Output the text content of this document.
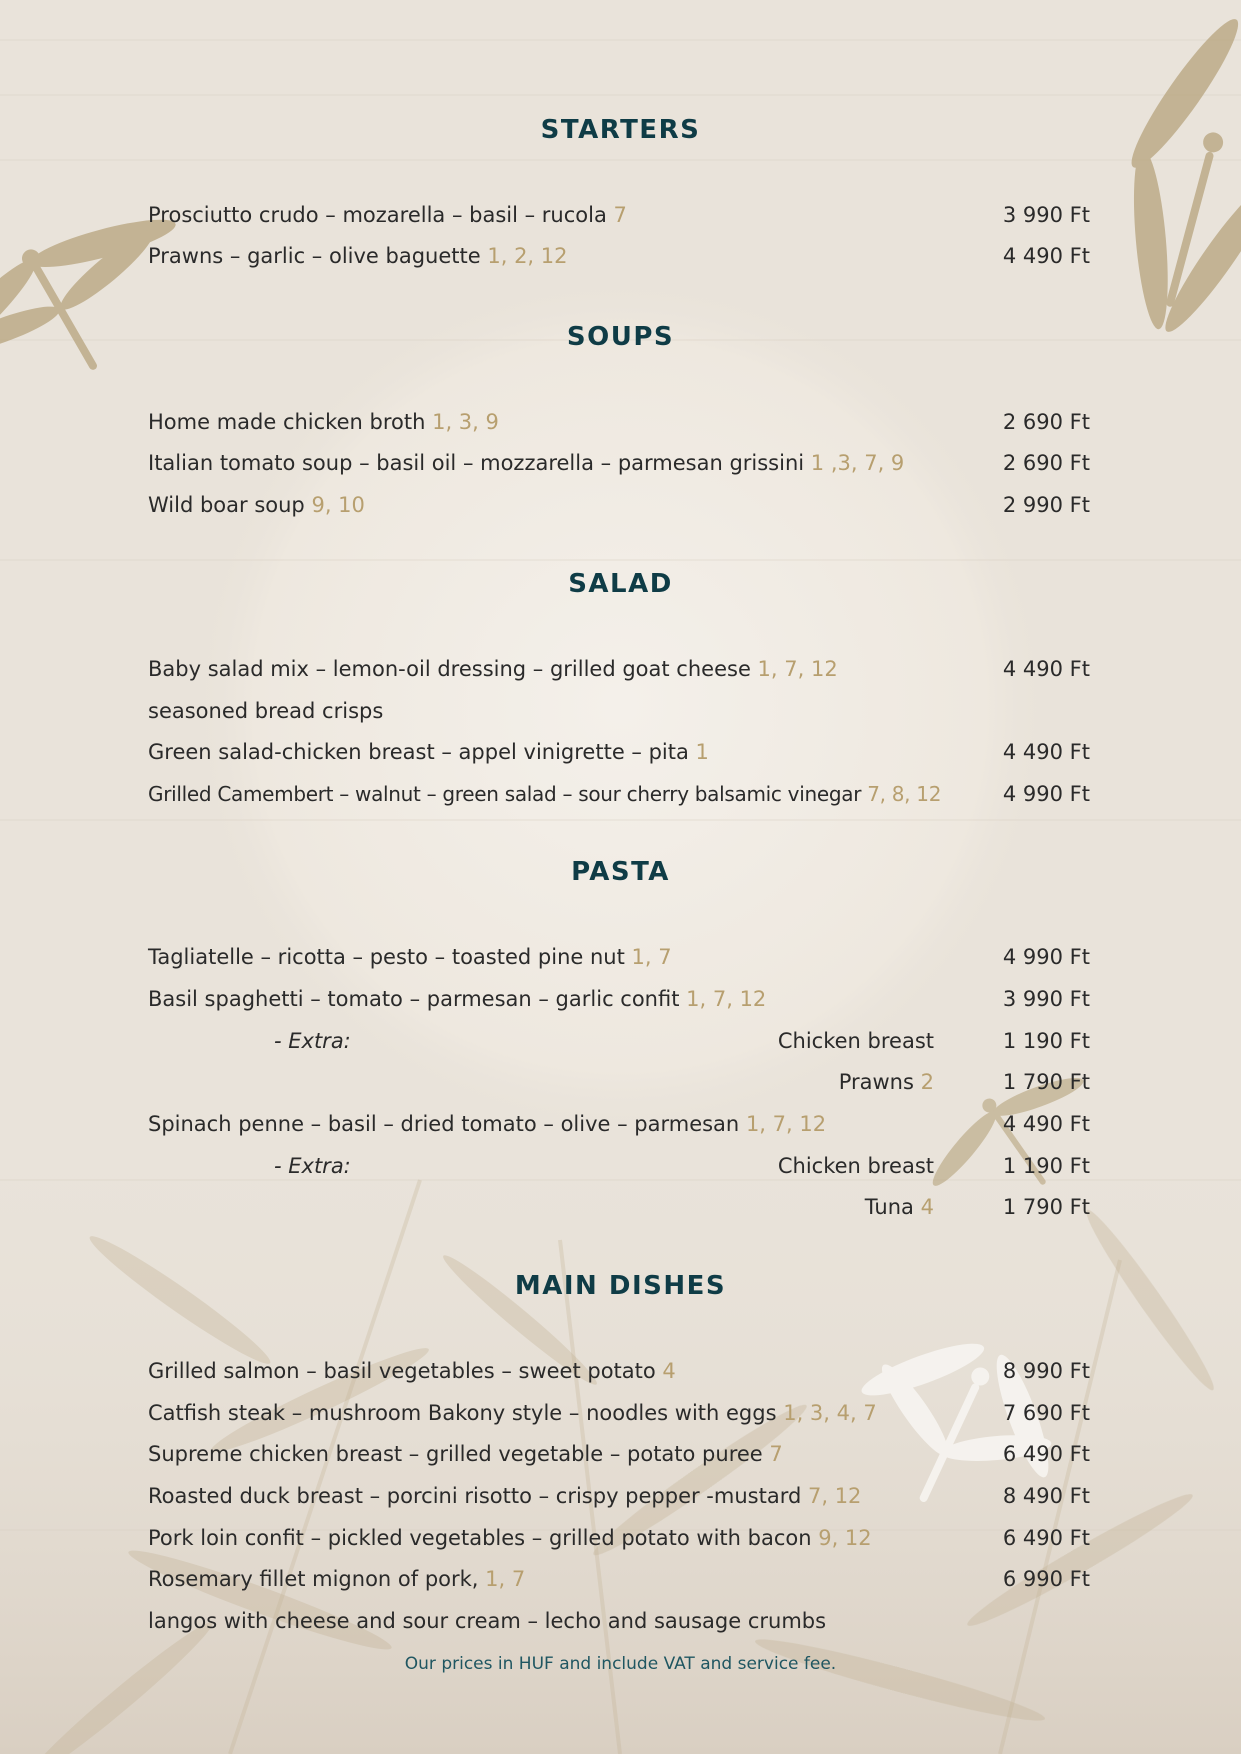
STARTERS
Prosciutto crudo – mozarella – basil – rucola 7	3 990 Ft
Prawns – garlic – olive baguette 1, 2, 12	4 490 Ft
SOUPS
Home made chicken broth 1, 3, 9	2 690 Ft
Italian tomato soup – basil oil – mozzarella – parmesan grissini 1 ,3, 7, 9	2 690 Ft
Wild boar soup 9, 10	2 990 Ft
SALAD
Baby salad mix – lemon-oil dressing – grilled goat cheese 1, 7, 12	4 490 Ft
seasoned bread crisps
Green salad-chicken breast – appel vinigrette – pita 1	4 490 Ft
Grilled Camembert – walnut – green salad – sour cherry balsamic vinegar 7, 8, 12	4 990 Ft
PASTA
Tagliatelle – ricotta – pesto – toasted pine nut 1, 7	4 990 Ft
Basil spaghetti – tomato – parmesan – garlic confit 1, 7, 12	3 990 Ft
- Extra:	Chicken breast	1 190 Ft
Prawns 2	1 790 Ft
Spinach penne – basil – dried tomato – olive – parmesan 1, 7, 12	4 490 Ft
- Extra:	Chicken breast	1 190 Ft
Tuna 4	1 790 Ft
MAIN DISHES
Grilled salmon – basil vegetables – sweet potato 4	8 990 Ft
Catfish steak – mushroom Bakony style – noodles with eggs 1, 3, 4, 7	7 690 Ft
Supreme chicken breast – grilled vegetable – potato puree 7	6 490 Ft
Roasted duck breast – porcini risotto – crispy pepper -mustard 7, 12	8 490 Ft
Pork loin confit – pickled vegetables – grilled potato with bacon 9, 12	6 490 Ft
Rosemary fillet mignon of pork, 1, 7	6 990 Ft
langos with cheese and sour cream – lecho and sausage crumbs
Our prices in HUF and include VAT and service fee.
